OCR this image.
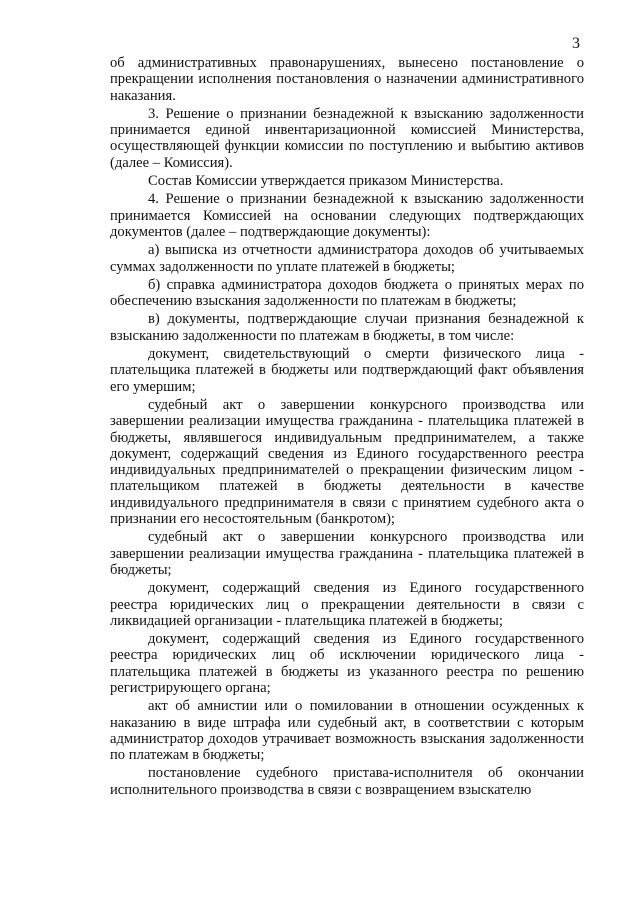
3

об административных правонарушениях, вынесено постановление о прекращении исполнения постановления о назначении административного наказания.

3. Решение о признании безнадежной к взысканию задолженности принимается единой инвентаризационной комиссией Министерства, осуществляющей функции комиссии по поступлению и выбытию активов (далее – Комиссия).

Состав Комиссии утверждается приказом Министерства.

4. Решение о признании безнадежной к взысканию задолженности принимается Комиссией на основании следующих подтверждающих документов (далее – подтверждающие документы):

а) выписка из отчетности администратора доходов об учитываемых суммах задолженности по уплате платежей в бюджеты;

б) справка администратора доходов бюджета о принятых мерах по обеспечению взыскания задолженности по платежам в бюджеты;

в) документы, подтверждающие случаи признания безнадежной к взысканию задолженности по платежам в бюджеты, в том числе:

документ, свидетельствующий о смерти физического лица - плательщика платежей в бюджеты или подтверждающий факт объявления его умершим;

судебный акт о завершении конкурсного производства или завершении реализации имущества гражданина - плательщика платежей в бюджеты, являвшегося индивидуальным предпринимателем, а также документ, содержащий сведения из Единого государственного реестра индивидуальных предпринимателей о прекращении физическим лицом - плательщиком платежей в бюджеты деятельности в качестве индивидуального предпринимателя в связи с принятием судебного акта о признании его несостоятельным (банкротом);

судебный акт о завершении конкурсного производства или завершении реализации имущества гражданина - плательщика платежей в бюджеты;

документ, содержащий сведения из Единого государственного реестра юридических лиц о прекращении деятельности в связи с ликвидацией организации - плательщика платежей в бюджеты;

документ, содержащий сведения из Единого государственного реестра юридических лиц об исключении юридического лица - плательщика платежей в бюджеты из указанного реестра по решению регистрирующего органа;

акт об амнистии или о помиловании в отношении осужденных к наказанию в виде штрафа или судебный акт, в соответствии с которым администратор доходов утрачивает возможность взыскания задолженности по платежам в бюджеты;

постановление судебного пристава-исполнителя об окончании исполнительного производства в связи с возвращением взыскателю
